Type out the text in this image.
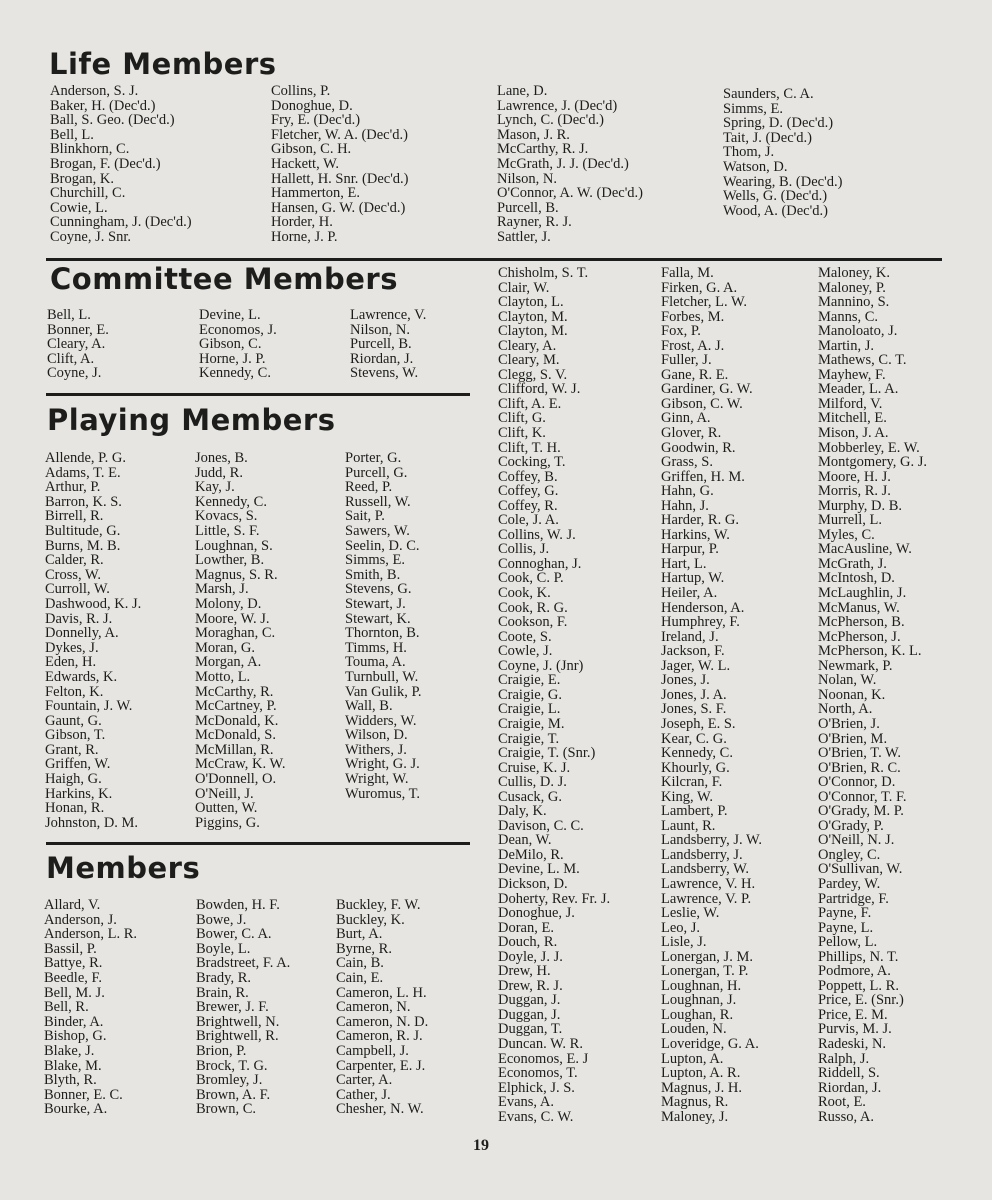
Life Members
Anderson, S. J.
Baker, H. (Dec'd.)
Ball, S. Geo. (Dec'd.)
Bell, L.
Blinkhorn, C.
Brogan, F. (Dec'd.)
Brogan, K.
Churchill, C.
Cowie, L.
Cunningham, J. (Dec'd.)
Coyne, J. Snr.
Collins, P.
Donoghue, D.
Fry, E. (Dec'd.)
Fletcher, W. A. (Dec'd.)
Gibson, C. H.
Hackett, W.
Hallett, H. Snr. (Dec'd.)
Hammerton, E.
Hansen, G. W. (Dec'd.)
Horder, H.
Horne, J. P.
Lane, D.
Lawrence, J. (Dec'd)
Lynch, C. (Dec'd.)
Mason, J. R.
McCarthy, R. J.
McGrath, J. J. (Dec'd.)
Nilson, N.
O'Connor, A. W. (Dec'd.)
Purcell, B.
Rayner, R. J.
Sattler, J.
Saunders, C. A.
Simms, E.
Spring, D. (Dec'd.)
Tait, J. (Dec'd.)
Thom, J.
Watson, D.
Wearing, B. (Dec'd.)
Wells, G. (Dec'd.)
Wood, A. (Dec'd.)
Committee Members
Bell, L.
Bonner, E.
Cleary, A.
Clift, A.
Coyne, J.
Devine, L.
Economos, J.
Gibson, C.
Horne, J. P.
Kennedy, C.
Lawrence, V.
Nilson, N.
Purcell, B.
Riordan, J.
Stevens, W.
Playing Members
Allende, P. G.
Adams, T. E.
Arthur, P.
Barron, K. S.
Birrell, R.
Bultitude, G.
Burns, M. B.
Calder, R.
Cross, W.
Curroll, W.
Dashwood, K. J.
Davis, R. J.
Donnelly, A.
Dykes, J.
Eden, H.
Edwards, K.
Felton, K.
Fountain, J. W.
Gaunt, G.
Gibson, T.
Grant, R.
Griffen, W.
Haigh, G.
Harkins, K.
Honan, R.
Johnston, D. M.
Jones, B.
Judd, R.
Kay, J.
Kennedy, C.
Kovacs, S.
Little, S. F.
Loughnan, S.
Lowther, B.
Magnus, S. R.
Marsh, J.
Molony, D.
Moore, W. J.
Moraghan, C.
Moran, G.
Morgan, A.
Motto, L.
McCarthy, R.
McCartney, P.
McDonald, K.
McDonald, S.
McMillan, R.
McCraw, K. W.
O'Donnell, O.
O'Neill, J.
Outten, W.
Piggins, G.
Porter, G.
Purcell, G.
Reed, P.
Russell, W.
Sait, P.
Sawers, W.
Seelin, D. C.
Simms, E.
Smith, B.
Stevens, G.
Stewart, J.
Stewart, K.
Thornton, B.
Timms, H.
Touma, A.
Turnbull, W.
Van Gulik, P.
Wall, B.
Widders, W.
Wilson, D.
Withers, J.
Wright, G. J.
Wright, W.
Wuromus, T.
Members
Allard, V.
Anderson, J.
Anderson, L. R.
Bassil, P.
Battye, R.
Beedle, F.
Bell, M. J.
Bell, R.
Binder, A.
Bishop, G.
Blake, J.
Blake, M.
Blyth, R.
Bonner, E. C.
Bourke, A.
Bowden, H. F.
Bowe, J.
Bower, C. A.
Boyle, L.
Bradstreet, F. A.
Brady, R.
Brain, R.
Brewer, J. F.
Brightwell, N.
Brightwell, R.
Brion, P.
Brock, T. G.
Bromley, J.
Brown, A. F.
Brown, C.
Buckley, F. W.
Buckley, K.
Burt, A.
Byrne, R.
Cain, B.
Cain, E.
Cameron, L. H.
Cameron, N.
Cameron, N. D.
Cameron, R. J.
Campbell, J.
Carpenter, E. J.
Carter, A.
Cather, J.
Chesher, N. W.
Chisholm, S. T.
Clair, W.
Clayton, L.
Clayton, M.
Clayton, M.
Cleary, A.
Cleary, M.
Clegg, S. V.
Clifford, W. J.
Clift, A. E.
Clift, G.
Clift, K.
Clift, T. H.
Cocking, T.
Coffey, B.
Coffey, G.
Coffey, R.
Cole, J. A.
Collins, W. J.
Collis, J.
Connoghan, J.
Cook, C. P.
Cook, K.
Cook, R. G.
Cookson, F.
Coote, S.
Cowle, J.
Coyne, J. (Jnr)
Craigie, E.
Craigie, G.
Craigie, L.
Craigie, M.
Craigie, T.
Craigie, T. (Snr.)
Cruise, K. J.
Cullis, D. J.
Cusack, G.
Daly, K.
Davison, C. C.
Dean, W.
DeMilo, R.
Devine, L. M.
Dickson, D.
Doherty, Rev. Fr. J.
Donoghue, J.
Doran, E.
Douch, R.
Doyle, J. J.
Drew, H.
Drew, R. J.
Duggan, J.
Duggan, J.
Duggan, T.
Duncan. W. R.
Economos, E. J
Economos, T.
Elphick, J. S.
Evans, A.
Evans, C. W.
Falla, M.
Firken, G. A.
Fletcher, L. W.
Forbes, M.
Fox, P.
Frost, A. J.
Fuller, J.
Gane, R. E.
Gardiner, G. W.
Gibson, C. W.
Ginn, A.
Glover, R.
Goodwin, R.
Grass, S.
Griffen, H. M.
Hahn, G.
Hahn, J.
Harder, R. G.
Harkins, W.
Harpur, P.
Hart, L.
Hartup, W.
Heiler, A.
Henderson, A.
Humphrey, F.
Ireland, J.
Jackson, F.
Jager, W. L.
Jones, J.
Jones, J. A.
Jones, S. F.
Joseph, E. S.
Kear, C. G.
Kennedy, C.
Khourly, G.
Kilcran, F.
King, W.
Lambert, P.
Launt, R.
Landsberry, J. W.
Landsberry, J.
Landsberry, W.
Lawrence, V. H.
Lawrence, V. P.
Leslie, W.
Leo, J.
Lisle, J.
Lonergan, J. M.
Lonergan, T. P.
Loughnan, H.
Loughnan, J.
Loughan, R.
Louden, N.
Loveridge, G. A.
Lupton, A.
Lupton, A. R.
Magnus, J. H.
Magnus, R.
Maloney, J.
Maloney, K.
Maloney, P.
Mannino, S.
Manns, C.
Manoloato, J.
Martin, J.
Mathews, C. T.
Mayhew, F.
Meader, L. A.
Milford, V.
Mitchell, E.
Mison, J. A.
Mobberley, E. W.
Montgomery, G. J.
Moore, H. J.
Morris, R. J.
Murphy, D. B.
Murrell, L.
Myles, C.
MacAusline, W.
McGrath, J.
McIntosh, D.
McLaughlin, J.
McManus, W.
McPherson, B.
McPherson, J.
McPherson, K. L.
Newmark, P.
Nolan, W.
Noonan, K.
North, A.
O'Brien, J.
O'Brien, M.
O'Brien, T. W.
O'Brien, R. C.
O'Connor, D.
O'Connor, T. F.
O'Grady, M. P.
O'Grady, P.
O'Neill, N. J.
Ongley, C.
O'Sullivan, W.
Pardey, W.
Partridge, F.
Payne, F.
Payne, L.
Pellow, L.
Phillips, N. T.
Podmore, A.
Poppett, L. R.
Price, E. (Snr.)
Price, E. M.
Purvis, M. J.
Radeski, N.
Ralph, J.
Riddell, S.
Riordan, J.
Root, E.
Russo, A.
19
